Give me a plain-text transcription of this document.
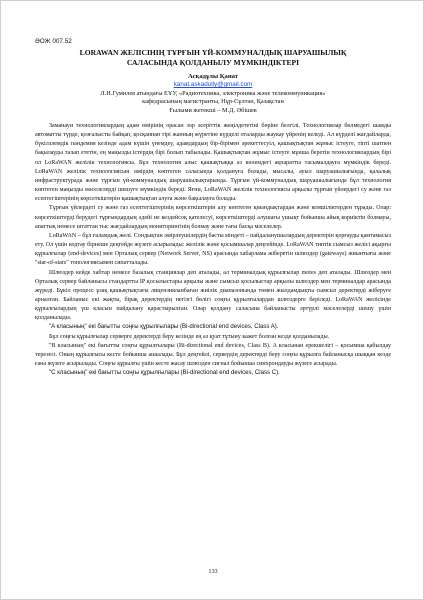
ӘОЖ 007.52
LORAWAN ЖЕЛІСІНІҢ ТҰРҒЫН ҮЙ-КОММУНАЛДЫҚ ШАРУАШЫЛЫҚ
САЛАСЫНДА ҚОЛДАНЫЛУ МҮМКІНДІКТЕРІ
Асқадұлы Қанат
kanat.askadully@gmail.com
Л.Н.Гумилев атындағы ЕҰУ, «Радиотехника, электроника және телекоммуникация»
кафедрасының магистранты, Нұр-Сұлтан, Қазақстан
Ғылыми жетекші – М.Д. Әбішев

Заманауи технологиялардың адам өмірінің орасан зор әсеріттік жеңілдететіні бөріне белгілі. Технологиялар бөлмедегі шамды автоматты түрде, қозғалысты байқап, қосқаннан тірі жанның жүретіне күрделі оталарды жаукау үйренің келеді. Ал күрделі жағдайларда, бүкілэлемдік пандемия кезінде адам күшін үнемдеу, адамдардың бір-бірімен әрекеттесуіл, қашықтықтан жұмыс істеуге, тіпті шатпен бақылауды талап ететін, ең маңызды істердің бірі болып табылады. Қашықтықтан жұмыс істеуге мұнша беретін технологиялардың бірі ол LoRaWAN желілік технологиясы. Бұл технология алыс қашықтыққа аз көлемдегі ақпаратты тасымалдауға мүмкіндік береді. LoRaWAN желілік технологиясын өмірдің көптеген саласында қолдануға болады, мысалы, ауыл шаруашылығында, қалалық инфраструктурада және тұрғын үй-коммуналдық шаруашылықтарында. Тұрғын үй-коммуналдық шаруашылығында бұл технология көптеген маңызды мәселелерді шешуге мүмкіндік береді. Яғни, LoRaWAN желілік технологиясы арқылы тұрғын үйлердегі су және газ есептегіштерінің көрсеткіштерін қашықтықтан алуға және бақылауға болады.

Тұрғын үйлердегі су және газ есептегіштерінің көрсеткіштерін алу көптеген қиындықтардан және кемшіліктерден тұрады. Олар: көрсеткіштерді берудегі тұрғындардың әдейі не кездейсоқ қателесуі, көрсеткіштерді алушағы ушықт бойынша айық кориіктін болмауы, апаттық немесе штаттан тыс жағдайлардың мониторингінің болмау және тағы басқа мәселелер.

LoRaWAN – бұл ғаламдық желі. Сондықтан әмірлеушілердің басты міндеті – пайдаланушылардың деректерін қорғауды қамтамасыз ету. Ол үшін кодтау бірнеше деңгейде жүзеге асырылады: желілік және қосымшалар деңгейінде. LoRaWAN типтік сымсыз желісі ақырғы құрылғылар (end-devices) мен Орталық сервер (Network Server, NS) арасында хабарлама жіберетін шлюздер (gateways) жиынтығы және "star-of-stars" топологиясымен сипатталады.

Шлюздер кейде хабтар немесе базалық станциялар деп аталады, ал терминалдық құрылғылар motes деп аталады. Шлюздер мен Орталық сервер байланысы стандартты IP қосылыстары арқылы және сымсыз қосылыстар арқылы шлюздер мен терминалдар арасында жүреді. Бұкіл процесс ұзақ қашықтықтағы лицензияланбаған жиілік диапазонында төмен жылдамдықты сымсыз деректерді жіберуге арналған. Байланыс екі жақты, бірақ деректердің негізгі бөлігі соңғы құрылғылардан шлюздерге беріледі. LoRaWAN желісінде құрылғылардың үш класын пайдалану қарастырылған. Олар қолдану саласына байланысты әртүрлі мәселелерді шешу үшін қолданылады.

"A класының" екі бағытты соңғы құрылғылары (Bi-directional end devices, Class A).

Бұл соңғы құрылғылар серверге деректерді беру кезінде ең аз қуат тұтыну кажет болған кезде қолданылады.

"B класының" екі бағытты соңғы құрылғылары (Bi-directional end devices, Class B). A класынан ерекшелігі – қосымша қабылдау терезесі. Оның құрылғысы кесте бойынша ашылады. Бұл деңгейлі, сервердің деректерді беру соңғы құрылға байланысқа шыққан кезде ғана жүзеге асырылады. Соңғы құрылғы үшін кесте жасау шлюзден сигнал бойынша синхрондауды жүзеге асырады.

"C класының" екі бағытты соңғы құрылғылары (Bi-directional end devices, Class C).

133
